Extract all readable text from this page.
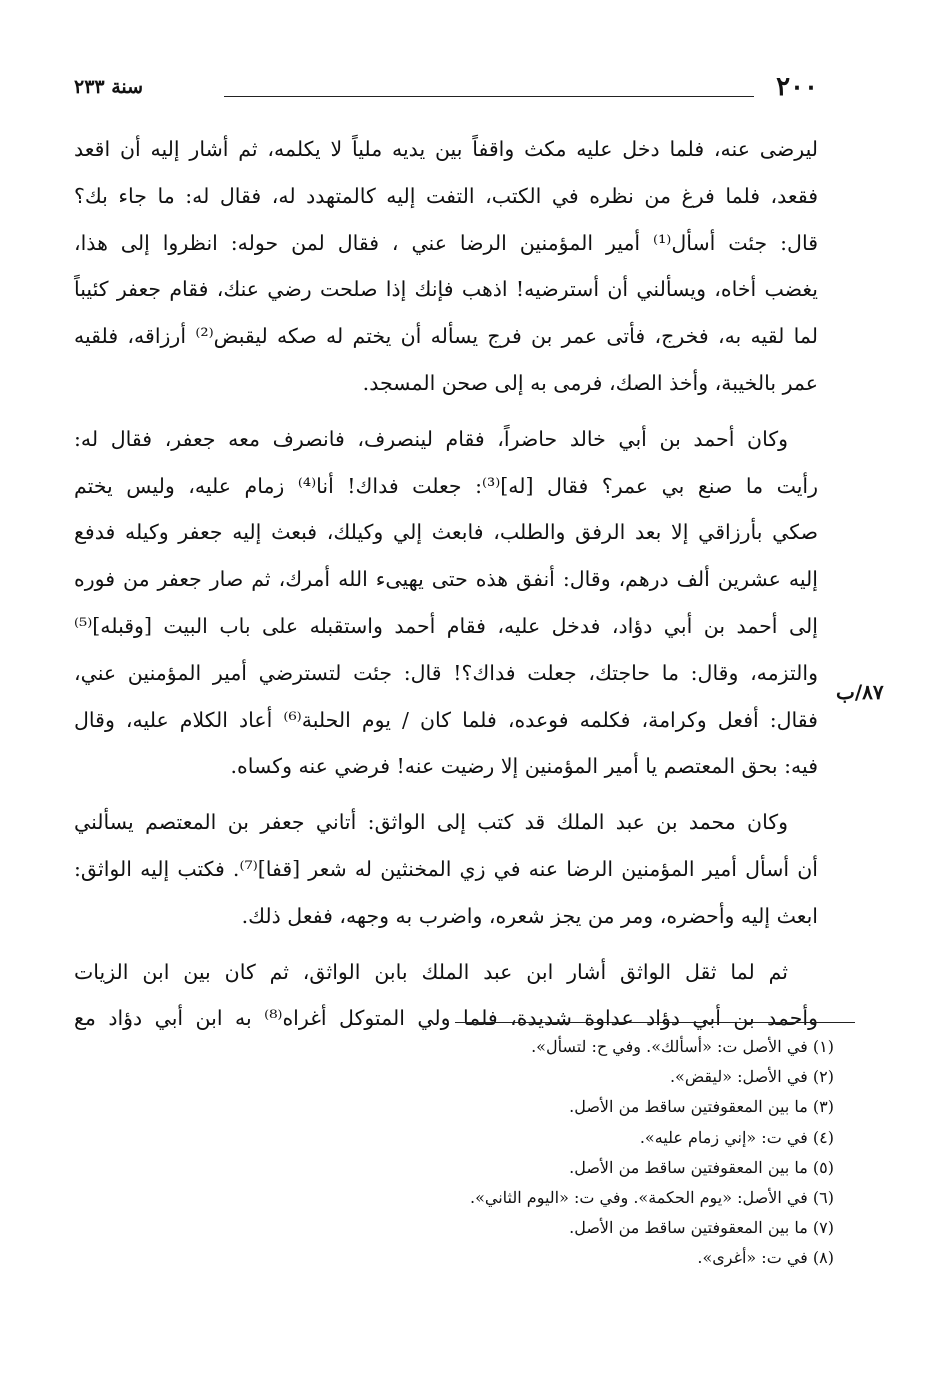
٢٠٠
سنة ٢٣٣
٨٧/ب
ليرضى عنه، فلما دخل عليه مكث واقفاً بين يديه ملياً لا يكلمه، ثم أشار إليه أن اقعد
فقعد، فلما فرغ من نظره في الكتب، التفت إليه كالمتهدد له، فقال له: ما جاء بك؟
قال: جئت أسأل⁽¹⁾ أمير المؤمنين الرضا عني ، فقال لمن حوله: انظروا إلى هذا،
يغضب أخاه، ويسألني أن أسترضيه! اذهب فإنك إذا صلحت رضي عنك، فقام جعفر كئيباً
لما لقيه به، فخرج، فأتى عمر بن فرج يسأله أن يختم له صكه ليقبض⁽²⁾ أرزاقه، فلقيه
عمر بالخيبة، وأخذ الصك، فرمى به إلى صحن المسجد.
وكان أحمد بن أبي خالد حاضراً، فقام لينصرف، فانصرف معه جعفر، فقال له:
رأيت ما صنع بي عمر؟ فقال [له]⁽³⁾: جعلت فداك! أنا⁽⁴⁾ زمام عليه، وليس يختم
صكي بأرزاقي إلا بعد الرفق والطلب، فابعث إلي وكيلك، فبعث إليه جعفر وكيله فدفع
إليه عشرين ألف درهم، وقال: أنفق هذه حتى يهيىء الله أمرك، ثم صار جعفر من فوره
إلى أحمد بن أبي دؤاد، فدخل عليه، فقام أحمد واستقبله على باب البيت [وقبله]⁽⁵⁾
والتزمه، وقال: ما حاجتك، جعلت فداك؟! قال: جئت لتسترضي أمير المؤمنين عني،
فقال: أفعل وكرامة، فكلمه فوعده، فلما كان / يوم الحلبة⁽⁶⁾ أعاد الكلام عليه، وقال
فيه: بحق المعتصم يا أمير المؤمنين إلا رضيت عنه! فرضي عنه وكساه.
وكان محمد بن عبد الملك قد كتب إلى الواثق: أتاني جعفر بن المعتصم يسألني
أن أسأل أمير المؤمنين الرضا عنه في زي المخنثين له شعر [قفا]⁽⁷⁾. فكتب إليه الواثق:
ابعث إليه وأحضره، ومر من يجز شعره، واضرب به وجهه، ففعل ذلك.
ثم لما ثقل الواثق أشار ابن عبد الملك بابن الواثق، ثم كان بين ابن الزيات
وأحمد بن أبي دؤاد عداوة شديدة، فلما ولي المتوكل أغراه⁽⁸⁾ به ابن أبي دؤاد مع
(١) في الأصل ت: «أسألك». وفي ح: لتسأل».
(٢) في الأصل: «ليقض».
(٣) ما بين المعقوفتين ساقط من الأصل.
(٤) في ت: «إني زمام عليه».
(٥) ما بين المعقوفتين ساقط من الأصل.
(٦) في الأصل: «يوم الحكمة». وفي ت: «اليوم الثاني».
(٧) ما بين المعقوفتين ساقط من الأصل.
(٨) في ت: «أغرى».
